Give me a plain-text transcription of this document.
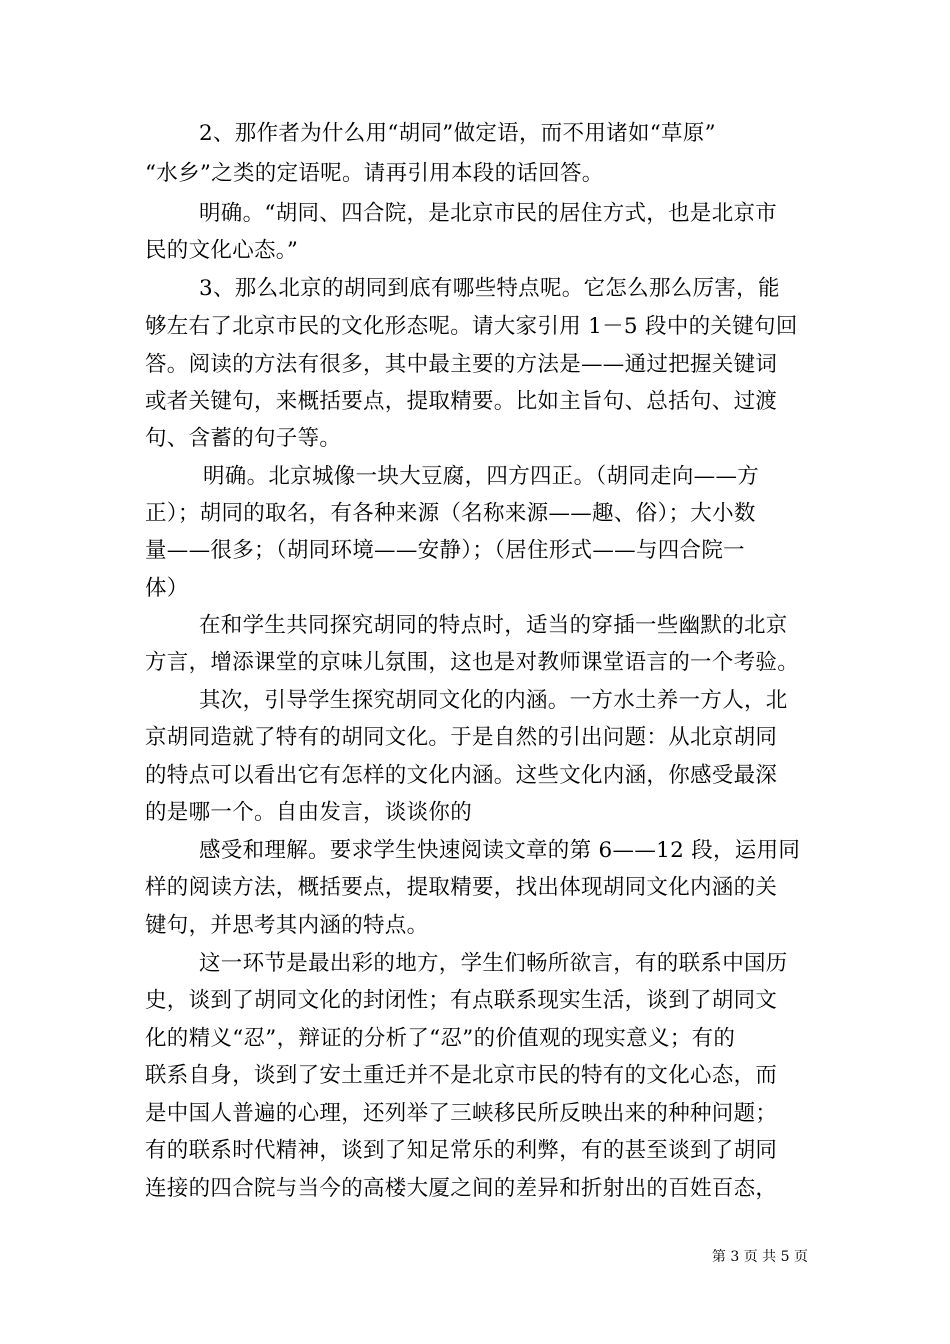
2、那作者为什么用“胡同”做定语，而不用诸如“草原”
“水乡”之类的定语呢。请再引用本段的话回答。
明确。“胡同、四合院，是北京市民的居住方式，也是北京市
民的文化心态。”
3、那么北京的胡同到底有哪些特点呢。它怎么那么厉害，能
够左右了北京市民的文化形态呢。请大家引用 1－5 段中的关键句回
答。阅读的方法有很多，其中最主要的方法是——通过把握关键词
或者关键句，来概括要点，提取精要。比如主旨句、总括句、过渡
句、含蓄的句子等。
明确。北京城像一块大豆腐，四方四正。（胡同走向——方
正）；胡同的取名，有各种来源（名称来源——趣、俗）；大小数
量——很多；（胡同环境——安静）；（居住形式——与四合院一
体）
在和学生共同探究胡同的特点时，适当的穿插一些幽默的北京
方言，增添课堂的京味儿氛围，这也是对教师课堂语言的一个考验。
其次，引导学生探究胡同文化的内涵。一方水土养一方人，北
京胡同造就了特有的胡同文化。于是自然的引出问题：从北京胡同
的特点可以看出它有怎样的文化内涵。这些文化内涵，你感受最深
的是哪一个。自由发言，谈谈你的
感受和理解。要求学生快速阅读文章的第 6——12 段，运用同
样的阅读方法，概括要点，提取精要，找出体现胡同文化内涵的关
键句，并思考其内涵的特点。
这一环节是最出彩的地方，学生们畅所欲言，有的联系中国历
史，谈到了胡同文化的封闭性；有点联系现实生活，谈到了胡同文
化的精义“忍”，辩证的分析了“忍”的价值观的现实意义；有的
联系自身，谈到了安土重迁并不是北京市民的特有的文化心态，而
是中国人普遍的心理，还列举了三峡移民所反映出来的种种问题；
有的联系时代精神，谈到了知足常乐的利弊，有的甚至谈到了胡同
连接的四合院与当今的高楼大厦之间的差异和折射出的百姓百态，
第 3 页 共 5 页
